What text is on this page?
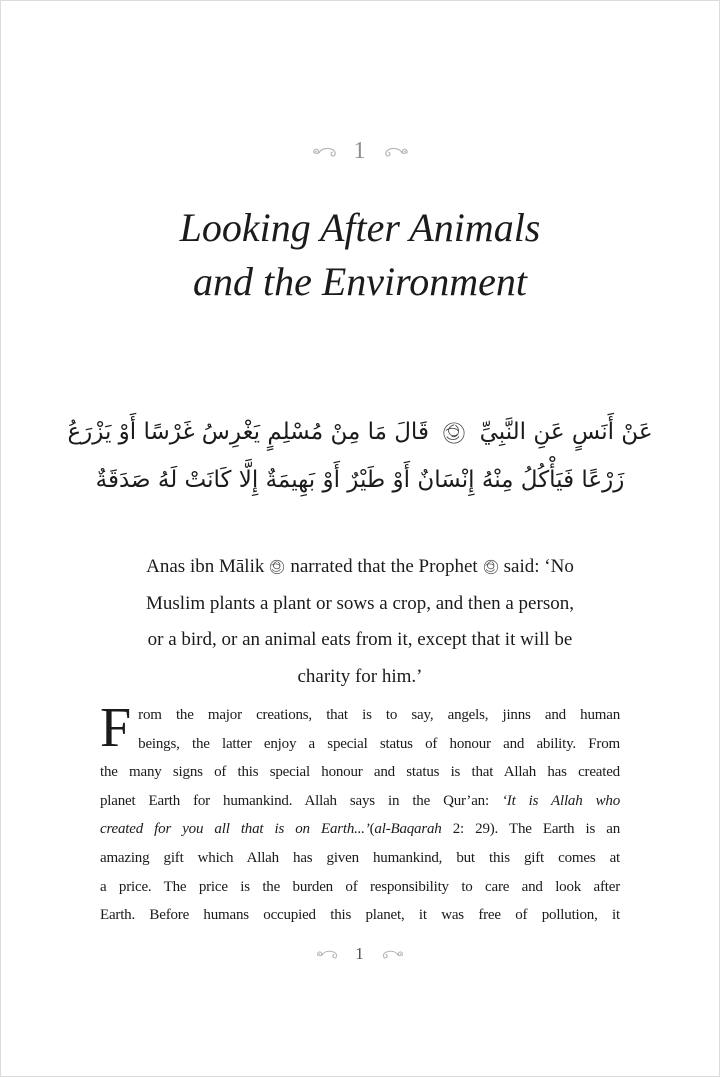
1
Looking After Animals
and the Environment
عَنْ أَنَسٍ عَنِ النَّبِيِّ
قَالَ مَا مِنْ مُسْلِمٍ يَغْرِسُ غَرْسًا أَوْ يَزْرَعُ
زَرْعًا فَيَأْكُلُ مِنْهُ إِنْسَانٌ أَوْ طَيْرٌ أَوْ بَهِيمَةٌ إِلَّا كَانَتْ لَهُ صَدَقَةٌ
Anas ibn Mālik narrated that the Prophet said: ‘No
Muslim plants a plant or sows a crop, and then a person,
or a bird, or an animal eats from it, except that it will be
charity for him.’
From the major creations, that is to say, angels, jinns and human
beings, the latter enjoy a special status of honour and ability. From
the many signs of this special honour and status is that Allah has created
planet Earth for humankind. Allah says in the Qur’an: ‘It is Allah who
created for you all that is on Earth...’(al-Baqarah 2: 29). The Earth is an
amazing gift which Allah has given humankind, but this gift comes at
a price. The price is the burden of responsibility to care and look after
Earth. Before humans occupied this planet, it was free of pollution, it
1
